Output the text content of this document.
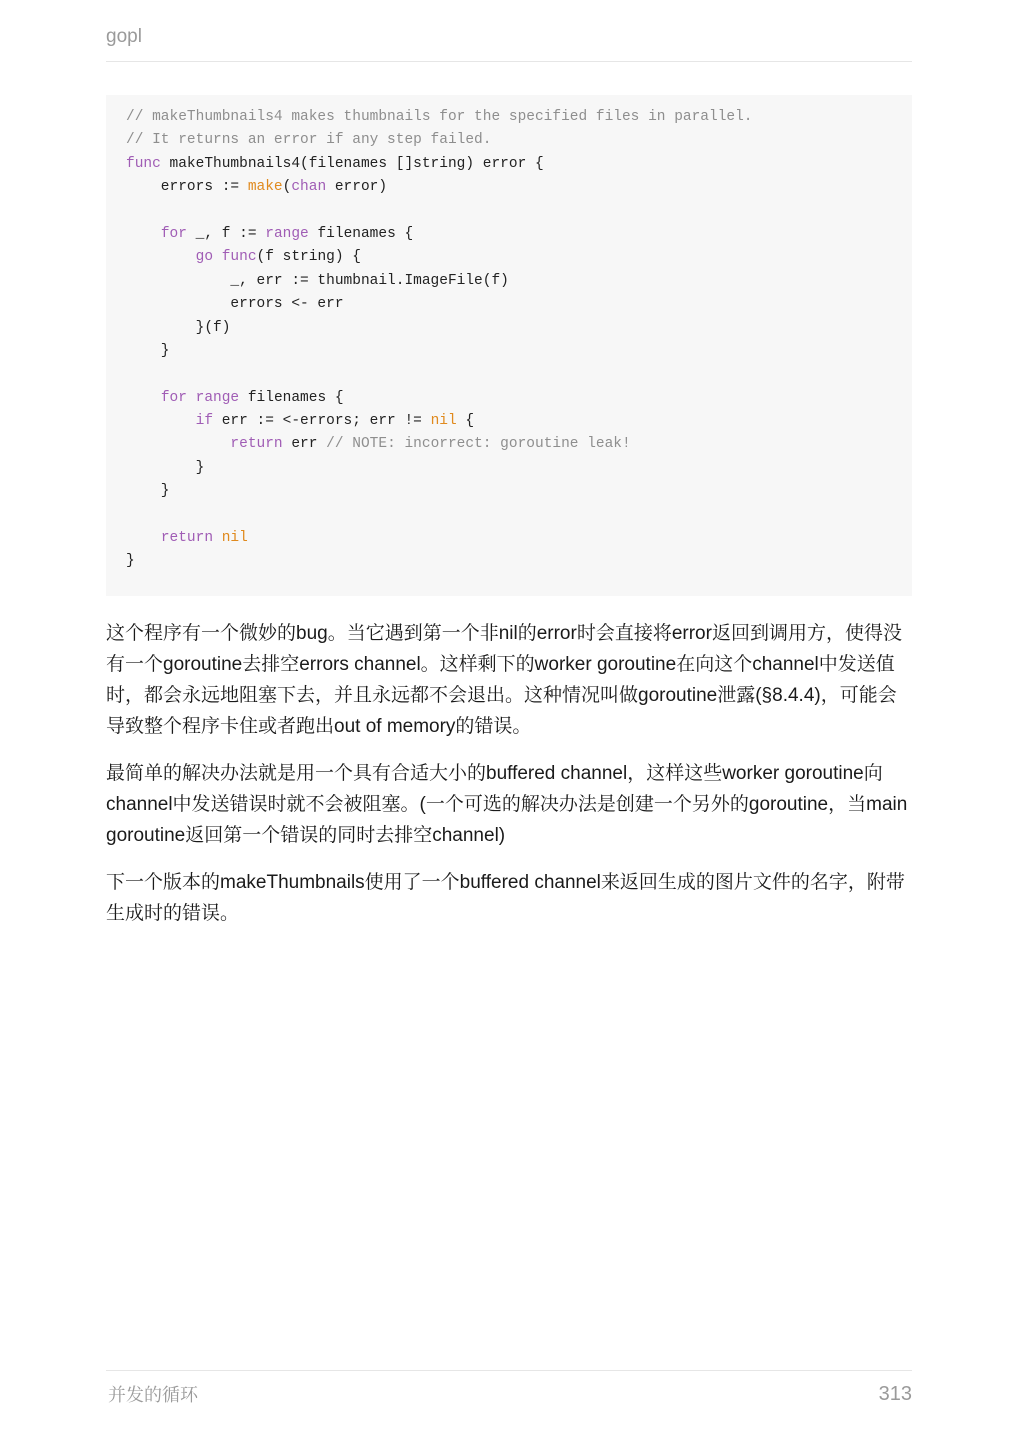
gopl
// makeThumbnails4 makes thumbnails for the specified files in parallel.
// It returns an error if any step failed.
func makeThumbnails4(filenames []string) error {
errors := make(chan error)
for _, f := range filenames {
go func(f string) {
_, err := thumbnail.ImageFile(f)
errors <- err
}(f)
}
for range filenames {
if err := <-errors; err != nil {
return err // NOTE: incorrect: goroutine leak!
}
}
return nil
}

这个程序有一个微妙的bug。当它遇到第一个非nil的error时会直接将error返回到调用方，使得没有一个goroutine去排空errors channel。这样剩下的worker goroutine在向这个channel中发送值时，都会永远地阻塞下去，并且永远都不会退出。这种情况叫做goroutine泄露(§8.4.4)，可能会导致整个程序卡住或者跑出out of memory的错误。

最简单的解决办法就是用一个具有合适大小的buffered channel，这样这些worker goroutine向channel中发送错误时就不会被阻塞。(一个可选的解决办法是创建一个另外的goroutine，当main goroutine返回第一个错误的同时去排空channel)

下一个版本的makeThumbnails使用了一个buffered channel来返回生成的图片文件的名字，附带生成时的错误。

并发的循环	313
